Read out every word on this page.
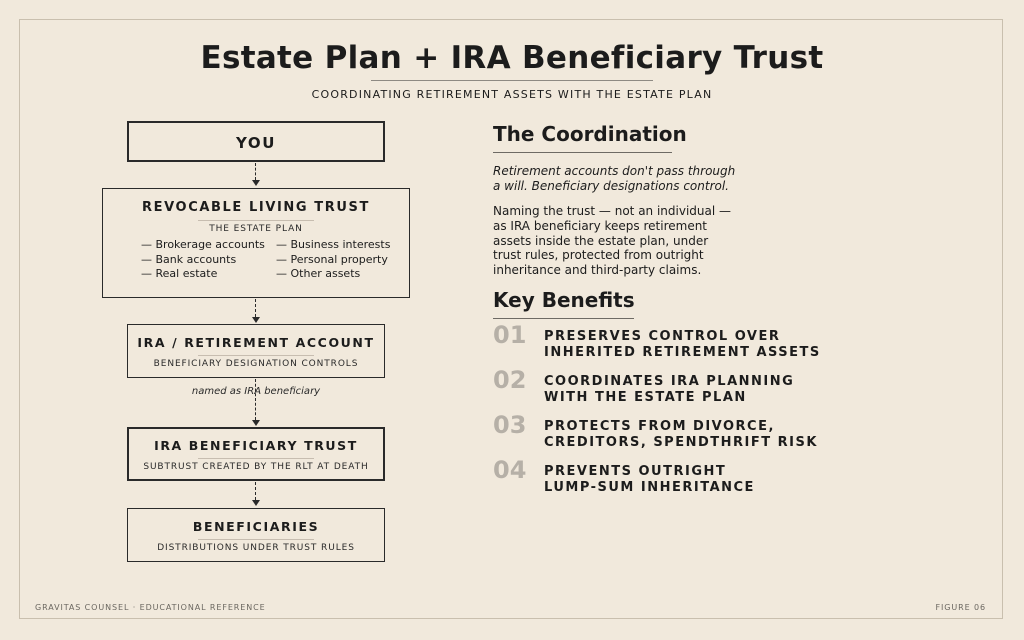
Estate Plan + IRA Beneficiary Trust
COORDINATING RETIREMENT ASSETS WITH THE ESTATE PLAN
YOU
REVOCABLE LIVING TRUST
THE ESTATE PLAN
— Brokerage accounts
— Bank accounts
— Real estate
— Business interests
— Personal property
— Other assets
IRA / RETIREMENT ACCOUNT
BENEFICIARY DESIGNATION CONTROLS
named as IRA beneficiary
IRA BENEFICIARY TRUST
SUBTRUST CREATED BY THE RLT AT DEATH
BENEFICIARIES
DISTRIBUTIONS UNDER TRUST RULES
The Coordination
Retirement accounts don't pass through
a will. Beneficiary designations control.
Naming the trust — not an individual —
as IRA beneficiary keeps retirement
assets inside the estate plan, under
trust rules, protected from outright
inheritance and third-party claims.
Key Benefits
01 PRESERVES CONTROL OVER
INHERITED RETIREMENT ASSETS
02 COORDINATES IRA PLANNING
WITH THE ESTATE PLAN
03 PROTECTS FROM DIVORCE,
CREDITORS, SPENDTHRIFT RISK
04 PREVENTS OUTRIGHT
LUMP-SUM INHERITANCE
GRAVITAS COUNSEL · EDUCATIONAL REFERENCE	FIGURE 06
